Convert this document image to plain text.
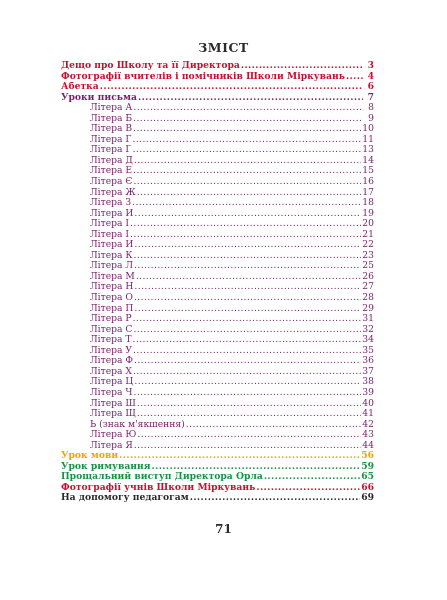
ЗМІСТ
Дещо про Школу та її Директора .....	3
Фотографії вчителів і помічників Школи Міркувань .....	4
Абетка .....	6
Уроки письма .....	7
Літера А .....	8
Літера Б .....	9
Літера В .....	10
Літера Г .....	11
Літера Ґ .....	13
Літера Д .....	14
Літера Е .....	15
Літера Є .....	16
Літера Ж .....	17
Літера З .....	18
Літера И .....	19
Літера І .....	20
Літера Ї .....	21
Літера Й .....	22
Літера К .....	23
Літера Л .....	25
Літера М .....	26
Літера Н .....	27
Літера О .....	28
Літера П .....	29
Літера Р .....	31
Літера С .....	32
Літера Т .....	34
Літера У .....	35
Літера Ф .....	36
Літера Х .....	37
Літера Ц .....	38
Літера Ч .....	39
Літера Ш .....	40
Літера Щ .....	41
Ь (знак м'якшення) .....	42
Літера Ю .....	43
Літера Я .....	44
Урок мови .....	56
Урок римування .....	59
Прощальний виступ Директора Орла .....	65
Фотографії учнів Школи Міркувань .....	66
На допомогу педагогам .....	69
71
